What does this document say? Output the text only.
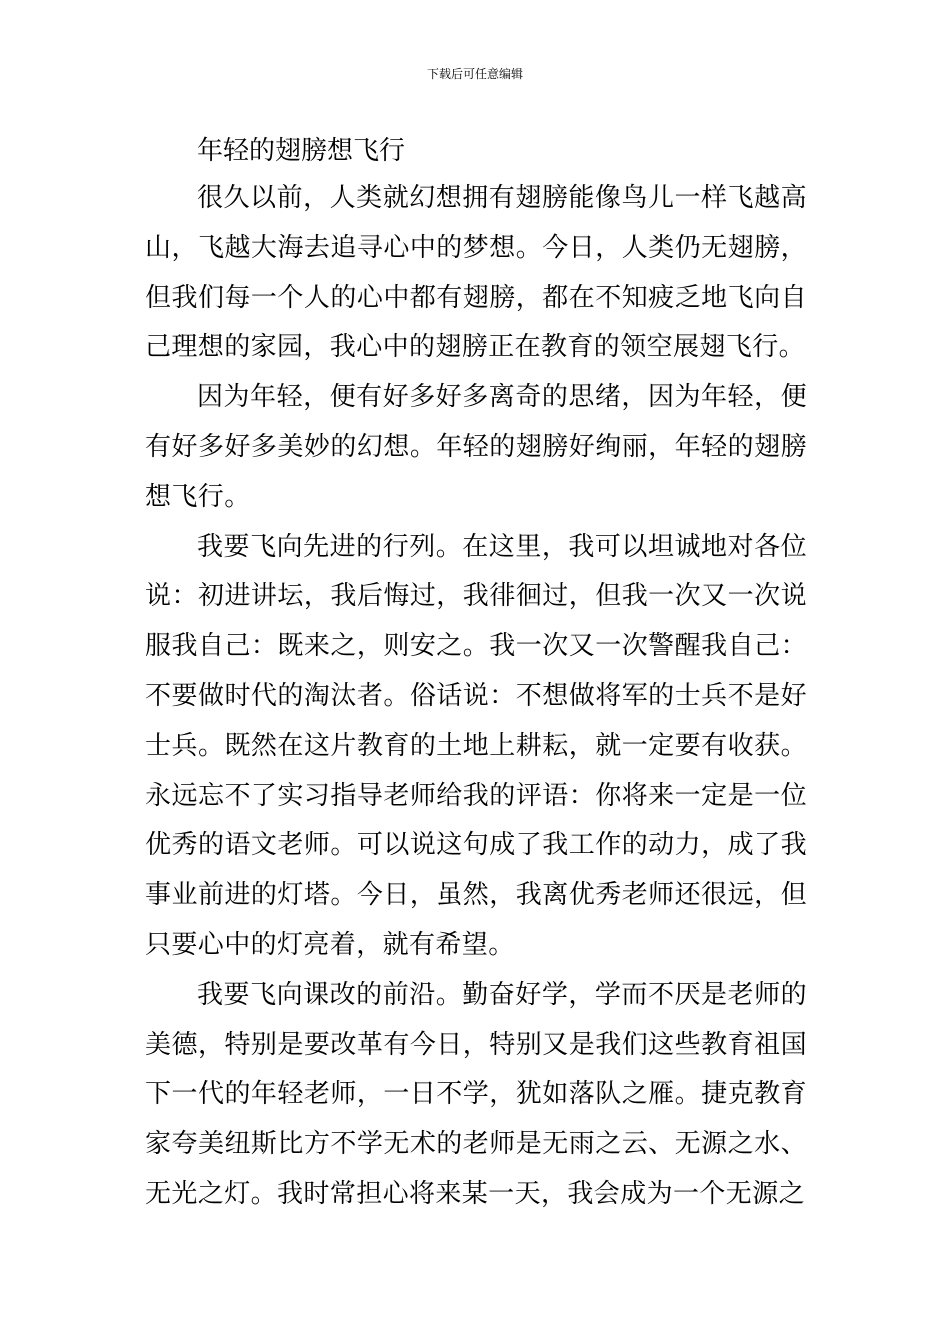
下载后可任意编辑
年轻的翅膀想飞行

很久以前，人类就幻想拥有翅膀能像鸟儿一样飞越高山，飞越大海去追寻心中的梦想。今日，人类仍无翅膀，但我们每一个人的心中都有翅膀，都在不知疲乏地飞向自己理想的家园，我心中的翅膀正在教育的领空展翅飞行。

因为年轻，便有好多好多离奇的思绪，因为年轻，便有好多好多美妙的幻想。年轻的翅膀好绚丽，年轻的翅膀想飞行。

我要飞向先进的行列。在这里，我可以坦诚地对各位说：初进讲坛，我后悔过，我徘徊过，但我一次又一次说服我自己：既来之，则安之。我一次又一次警醒我自己：不要做时代的淘汰者。俗话说：不想做将军的士兵不是好士兵。既然在这片教育的土地上耕耘，就一定要有收获。永远忘不了实习指导老师给我的评语：你将来一定是一位优秀的语文老师。可以说这句成了我工作的动力，成了我事业前进的灯塔。今日，虽然，我离优秀老师还很远，但只要心中的灯亮着，就有希望。

我要飞向课改的前沿。勤奋好学，学而不厌是老师的美德，特别是要改革有今日，特别又是我们这些教育祖国下一代的年轻老师，一日不学，犹如落队之雁。捷克教育家夸美纽斯比方不学无术的老师是无雨之云、无源之水、无光之灯。我时常担心将来某一天，我会成为一个无源之
